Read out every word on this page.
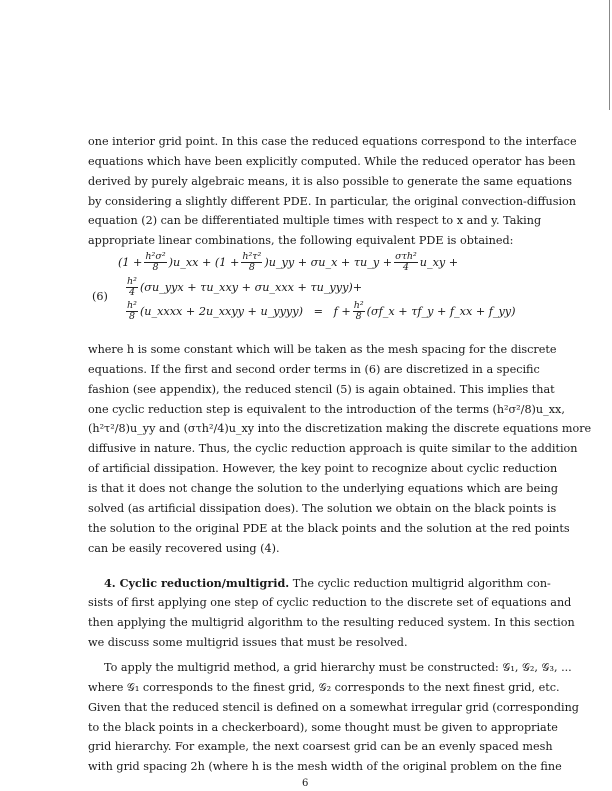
one interior grid point. In this case the reduced equations correspond to the interface
equations which have been explicitly computed. While the reduced operator has been
derived by purely algebraic means, it is also possible to generate the same equations
by considering a slightly different PDE. In particular, the original convection-diffusion
equation (2) can be differentiated multiple times with respect to x and y. Taking
appropriate linear combinations, the following equivalent PDE is obtained:
($1 + \frac{\text{h²σ²}}{8}$ )u_xx + ($1 + \frac{\text{h²τ²}}{8}$ )u_yy + σu_x + τu_y + $\frac{\text{στh²}}{4}$ u_xy +
$\frac{\text{h²}}{4}$ (σu_yyx + τu_xxy + σu_xxx + τu_yyy)+
$\frac{\text{h²}}{8}$ (u_xxxx + 2u_xxyy + u_yyyy)   =   $f + \frac{\text{h²}}{8}$ (σf_x + τf_y + f_xx + f_yy)
where h is some constant which will be taken as the mesh spacing for the discrete
equations. If the first and second order terms in (6) are discretized in a specific
fashion (see appendix), the reduced stencil (5) is again obtained. This implies that
one cyclic reduction step is equivalent to the introduction of the terms (h²σ²/8)u_xx,
(h²τ²/8)u_yy and (στh²/4)u_xy into the discretization making the discrete equations more
diffusive in nature. Thus, the cyclic reduction approach is quite similar to the addition
of artificial dissipation. However, the key point to recognize about cyclic reduction
is that it does not change the solution to the underlying equations which are being
solved (as artificial dissipation does). The solution we obtain on the black points is
the solution to the original PDE at the black points and the solution at the red points
can be easily recovered using (4).
4. Cyclic reduction/multigrid. The cyclic reduction multigrid algorithm con-
sists of first applying one step of cyclic reduction to the discrete set of equations and
then applying the multigrid algorithm to the resulting reduced system. In this section
we discuss some multigrid issues that must be resolved.
To apply the multigrid method, a grid hierarchy must be constructed: 𝒢₁, 𝒢₂, 𝒢₃, ...
where 𝒢₁ corresponds to the finest grid, 𝒢₂ corresponds to the next finest grid, etc.
Given that the reduced stencil is defined on a somewhat irregular grid (corresponding
to the black points in a checkerboard), some thought must be given to appropriate
grid hierarchy. For example, the next coarsest grid can be an evenly spaced mesh
with grid spacing 2h (where h is the mesh width of the original problem on the fine
(6)
6
